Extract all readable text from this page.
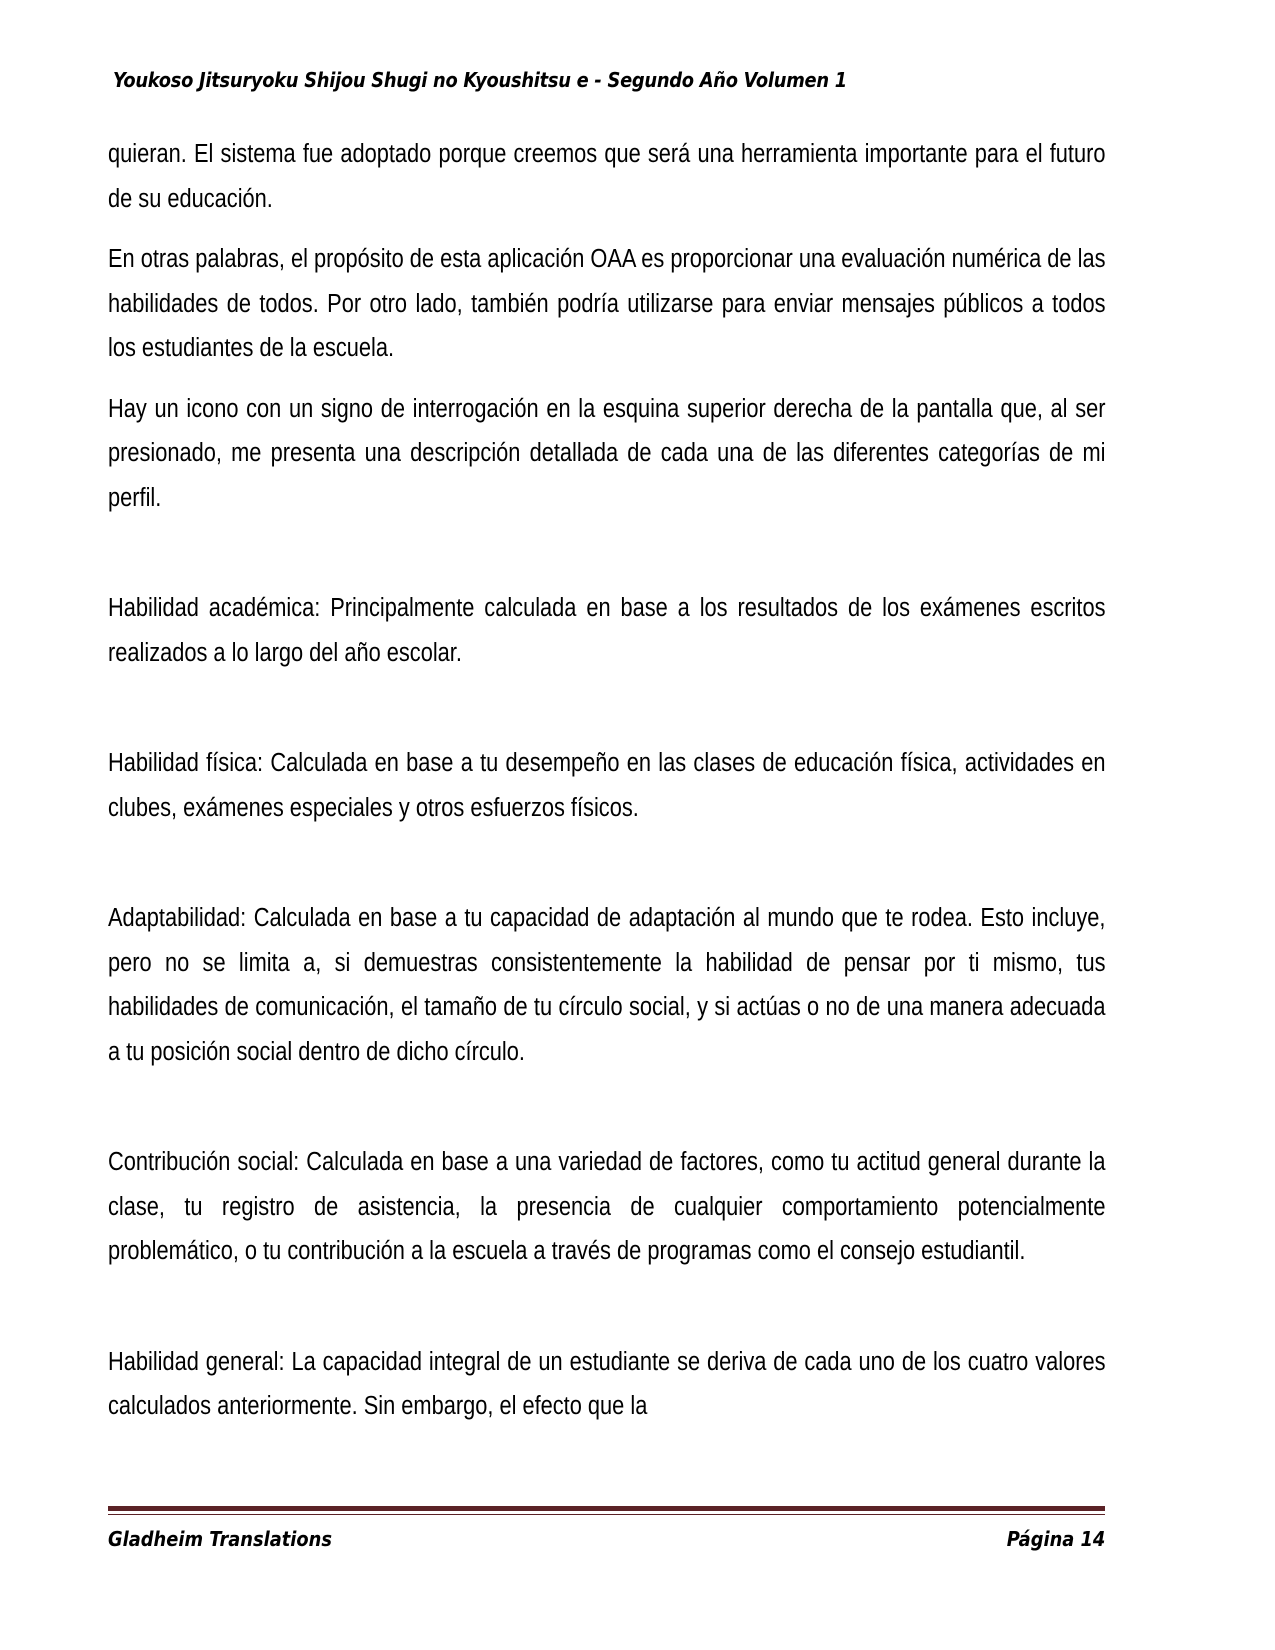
Youkoso Jitsuryoku Shijou Shugi no Kyoushitsu e - Segundo Año Volumen 1

quieran. El sistema fue adoptado porque creemos que será una herramienta importante para el futuro de su educación.

En otras palabras, el propósito de esta aplicación OAA es proporcionar una evaluación numérica de las habilidades de todos. Por otro lado, también podría utilizarse para enviar mensajes públicos a todos los estudiantes de la escuela.

Hay un icono con un signo de interrogación en la esquina superior derecha de la pantalla que, al ser presionado, me presenta una descripción detallada de cada una de las diferentes categorías de mi perfil.

Habilidad académica: Principalmente calculada en base a los resultados de los exámenes escritos realizados a lo largo del año escolar.

Habilidad física: Calculada en base a tu desempeño en las clases de educación física, actividades en clubes, exámenes especiales y otros esfuerzos físicos.

Adaptabilidad: Calculada en base a tu capacidad de adaptación al mundo que te rodea. Esto incluye, pero no se limita a, si demuestras consistentemente la habilidad de pensar por ti mismo, tus habilidades de comunicación, el tamaño de tu círculo social, y si actúas o no de una manera adecuada a tu posición social dentro de dicho círculo.

Contribución social: Calculada en base a una variedad de factores, como tu actitud general durante la clase, tu registro de asistencia, la presencia de cualquier comportamiento potencialmente problemático, o tu contribución a la escuela a través de programas como el consejo estudiantil.

Habilidad general: La capacidad integral de un estudiante se deriva de cada uno de los cuatro valores calculados anteriormente. Sin embargo, el efecto que la

Gladheim Translations	Página 14
